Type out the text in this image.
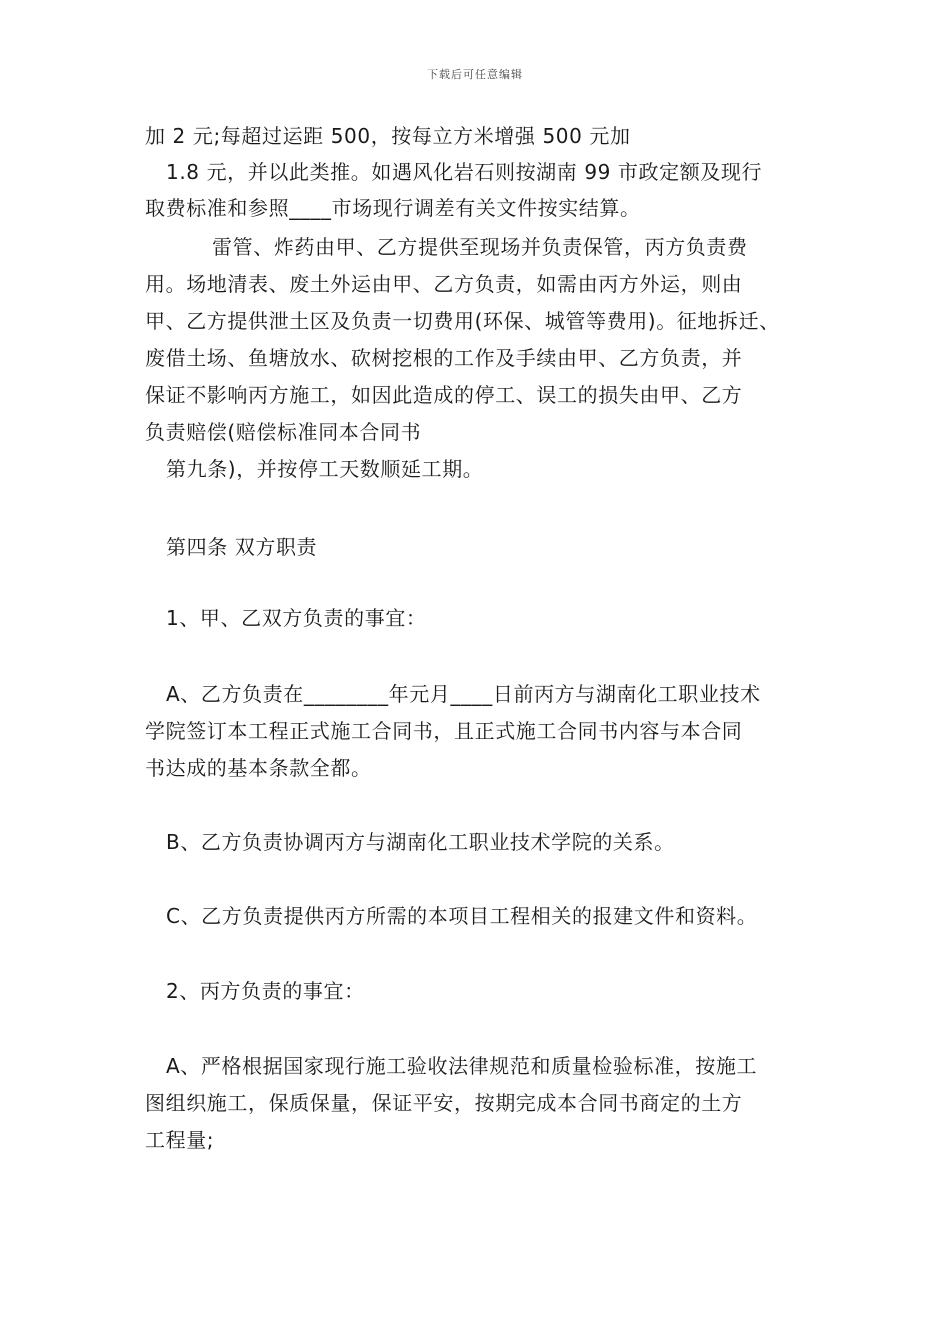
下载后可任意编辑
加 2 元;每超过运距 500，按每立方米增强 500 元加
1.8 元，并以此类推。如遇风化岩石则按湖南 99 市政定额及现行
取费标准和参照____市场现行调差有关文件按实结算。
雷管、炸药由甲、乙方提供至现场并负责保管，丙方负责费
用。场地清表、废土外运由甲、乙方负责，如需由丙方外运，则由
甲、乙方提供泄土区及负责一切费用(环保、城管等费用)。征地拆迁、
废借土场、鱼塘放水、砍树挖根的工作及手续由甲、乙方负责，并
保证不影响丙方施工，如因此造成的停工、误工的损失由甲、乙方
负责赔偿(赔偿标准同本合同书
第九条)，并按停工天数顺延工期。
第四条 双方职责
1、甲、乙双方负责的事宜：
A、乙方负责在________年元月____日前丙方与湖南化工职业技术
学院签订本工程正式施工合同书，且正式施工合同书内容与本合同
书达成的基本条款全都。
B、乙方负责协调丙方与湖南化工职业技术学院的关系。
C、乙方负责提供丙方所需的本项目工程相关的报建文件和资料。
2、丙方负责的事宜：
A、严格根据国家现行施工验收法律规范和质量检验标准，按施工
图组织施工，保质保量，保证平安，按期完成本合同书商定的土方
工程量;
